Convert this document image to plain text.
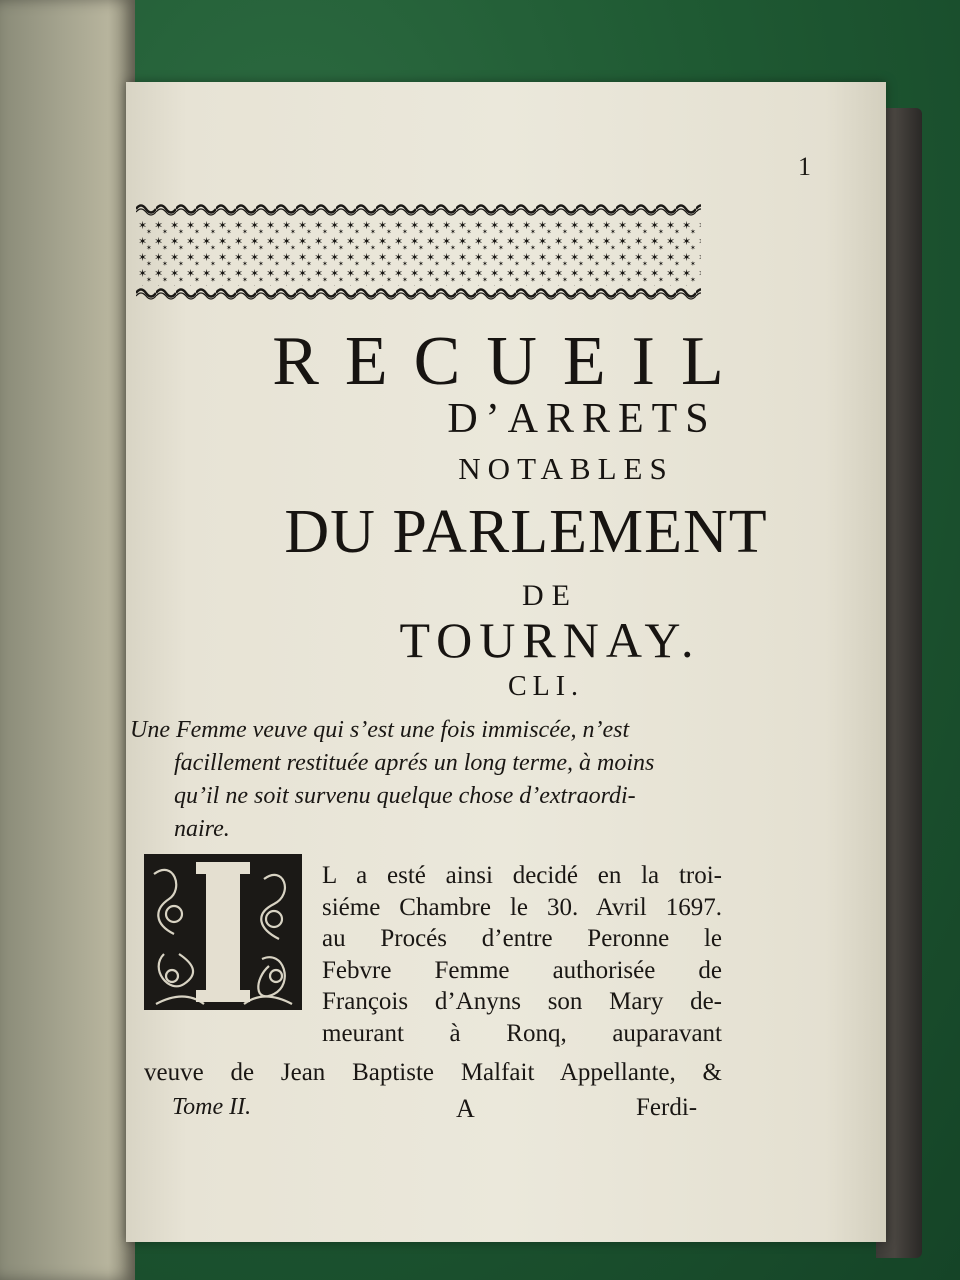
1
RECUEIL
D’ARRETS
NOTABLES
DU PARLEMENT
DE
TOURNAY.
CLI.
Une Femme veuve qui s’est une fois immiscée, n’est
facillement restituée aprés un long terme, à moins
qu’il ne soit survenu quelque chose d’extraordi-
naire.
L a esté ainsi decidé en la troi-
siéme Chambre le 30. Avril 1697.
au Procés d’entre Peronne le
Febvre Femme authorisée de
François d’Anyns son Mary de-
meurant à Ronq, auparavant
veuve de Jean Baptiste Malfait Appellante, &
Tome II.	A	Ferdi-
